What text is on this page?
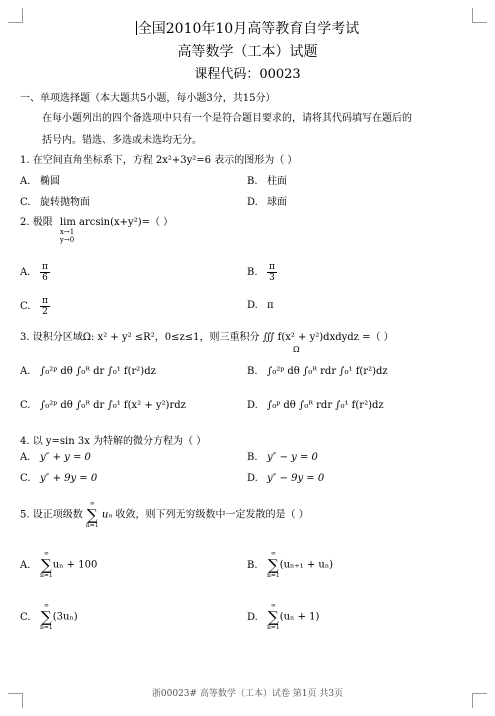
全国2010年10月高等教育自学考试
高等数学（工本）试题
课程代码：00023
一、单项选择题（本大题共5小题，每小题3分，共15分）
在每小题列出的四个备选项中只有一个是符合题目要求的，请将其代码填写在题后的
括号内。错选、多选或未选均无分。
1. 在空间直角坐标系下，方程 2x²+3y²=6 表示的图形为（ ）
A. 椭圆	B. 柱面
C. 旋转抛物面	D. 球面
2. 极限 lim
x→1
y→0
arcsin(x+y²)=（ ）
A. $\frac{\pi}{6}$	B. $\frac{\pi}{3}$
C. $\frac{\pi}{2}$	D. π
3. 设积分区域Ω: x² + y² ≤R²，0≤z≤1，则三重积分 ∭ f(x² + y²)dxdydz =（ ）
Ω
A. ∫₀²ᵖ dθ ∫₀ᴿ dr ∫₀¹ f(r²)dz	B. ∫₀²ᵖ dθ ∫₀ᴿ rdr ∫₀¹ f(r²)dz
C. ∫₀²ᵖ dθ ∫₀ᴿ dr ∫₀¹ f(x² + y²)rdz	D. ∫₀ᵖ dθ ∫₀ᴿ rdr ∫₀¹ f(r²)dz
4. 以 y=sin 3x 为特解的微分方程为（ ）
A. y″ + y = 0	B. y″ − y = 0
C. y″ + 9y = 0	D. y″ − 9y = 0
5. 设正项级数
∞
∑
n=1
uₙ 收敛，则下列无穷级数中一定发散的是（ ）
A.
∞
∑
n=1
uₙ + 100	B.
∞
∑
n=1
(uₙ₊₁ + uₙ)
C.
∞
∑
n=1
(3uₙ)	D.
∞
∑
n=1
(uₙ + 1)
浙00023# 高等数学（工本）试卷 第1页 共3页
